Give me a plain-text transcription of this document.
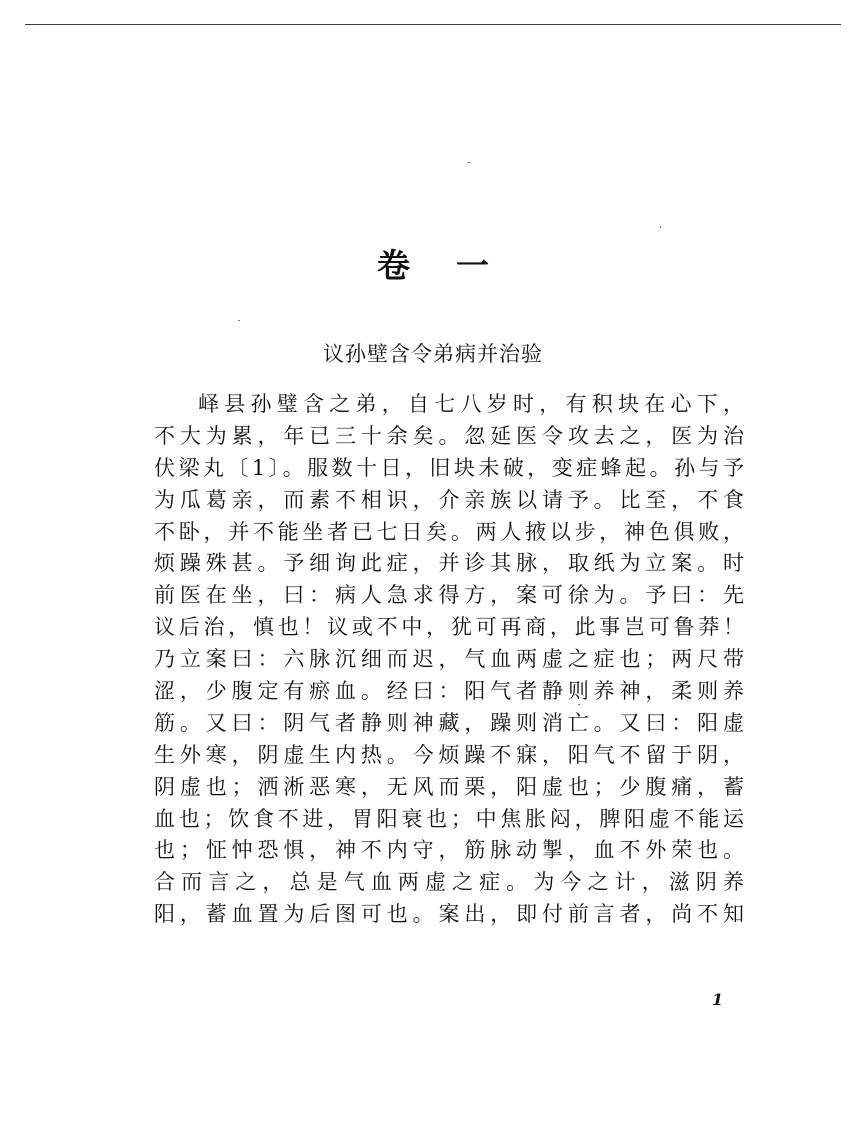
卷一
议孙壁含令弟病并治验
峄县孙璧含之弟，自七八岁时，有积块在心下，
不大为累，年已三十余矣。忽延医令攻去之，医为治
伏梁丸〔1〕。服数十日，旧块未破，变症蜂起。孙与予
为瓜葛亲，而素不相识，介亲族以请予。比至，不食
不卧，并不能坐者已七日矣。两人掖以步，神色俱败，
烦躁殊甚。予细询此症，并诊其脉，取纸为立案。时
前医在坐，曰：病人急求得方，案可徐为。予曰：先
议后治，慎也！议或不中，犹可再商，此事岂可鲁莽！
乃立案曰：六脉沉细而迟，气血两虚之症也；两尺带
涩，少腹定有瘀血。经曰：阳气者静则养神，柔则养
筋。又曰：阴气者静则神藏，躁则消亡。又曰：阳虚
生外寒，阴虚生内热。今烦躁不寐，阳气不留于阴，
阴虚也；洒淅恶寒，无风而栗，阳虚也；少腹痛，蓄
血也；饮食不进，胃阳衰也；中焦胀闷，脾阳虚不能运
也；怔忡恐惧，神不内守，筋脉动掣，血不外荣也。
合而言之，总是气血两虚之症。为今之计，滋阴养
阳，蓄血置为后图可也。案出，即付前言者，尚不知
1
